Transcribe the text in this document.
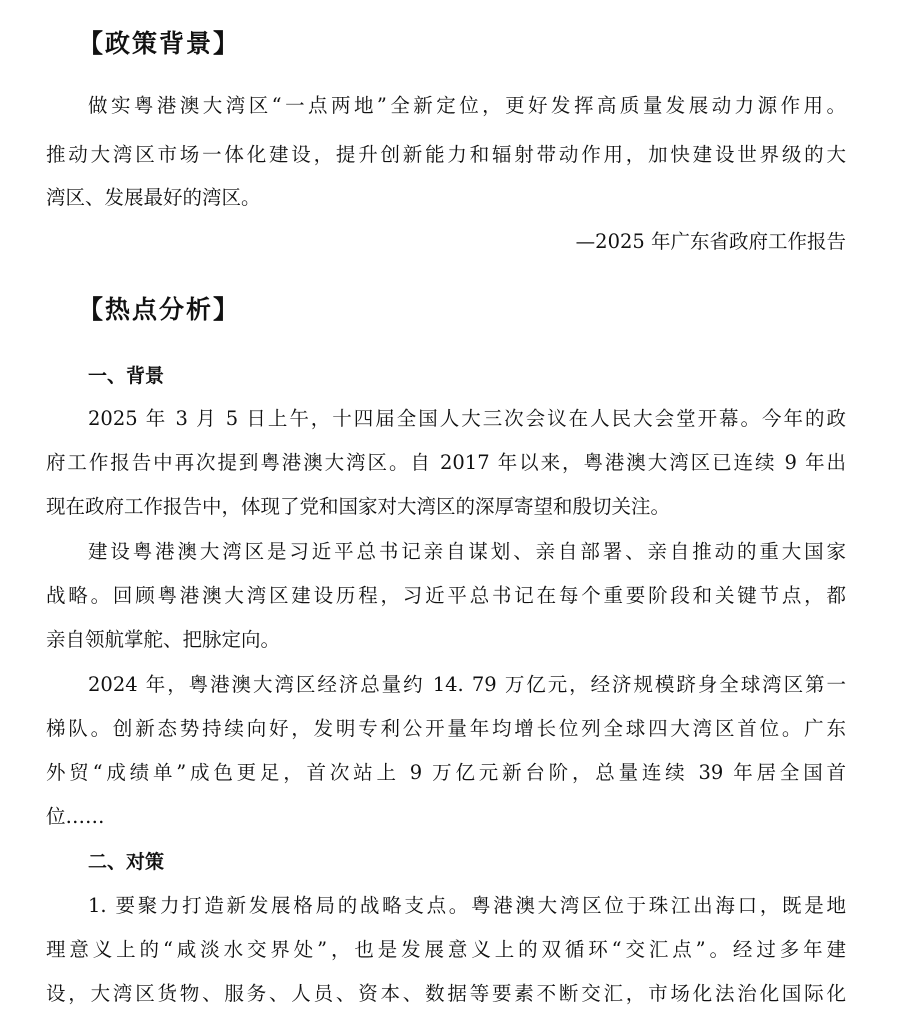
【政策背景】

做实粤港澳大湾区“一点两地”全新定位，更好发挥高质量发展动力源作用。

推动大湾区市场一体化建设，提升创新能力和辐射带动作用，加快建设世界级的大

湾区、发展最好的湾区。

—2025 年广东省政府工作报告
【热点分析】
一、背景

2025 年 3 月 5 日上午，十四届全国人大三次会议在人民大会堂开幕。今年的政

府工作报告中再次提到粤港澳大湾区。自 2017 年以来，粤港澳大湾区已连续 9 年出

现在政府工作报告中，体现了党和国家对大湾区的深厚寄望和殷切关注。

建设粤港澳大湾区是习近平总书记亲自谋划、亲自部署、亲自推动的重大国家

战略。回顾粤港澳大湾区建设历程，习近平总书记在每个重要阶段和关键节点，都

亲自领航掌舵、把脉定向。

2024 年，粤港澳大湾区经济总量约 14. 79 万亿元，经济规模跻身全球湾区第一

梯队。创新态势持续向好，发明专利公开量年均增长位列全球四大湾区首位。广东

外贸“成绩单”成色更足，首次站上 9 万亿元新台阶，总量连续 39 年居全国首

位……

二、对策

1. 要聚力打造新发展格局的战略支点。粤港澳大湾区位于珠江出海口，既是地

理意义上的“咸淡水交界处”，也是发展意义上的双循环“交汇点”。经过多年建

设，大湾区货物、服务、人员、资本、数据等要素不断交汇，市场化法治化国际化
